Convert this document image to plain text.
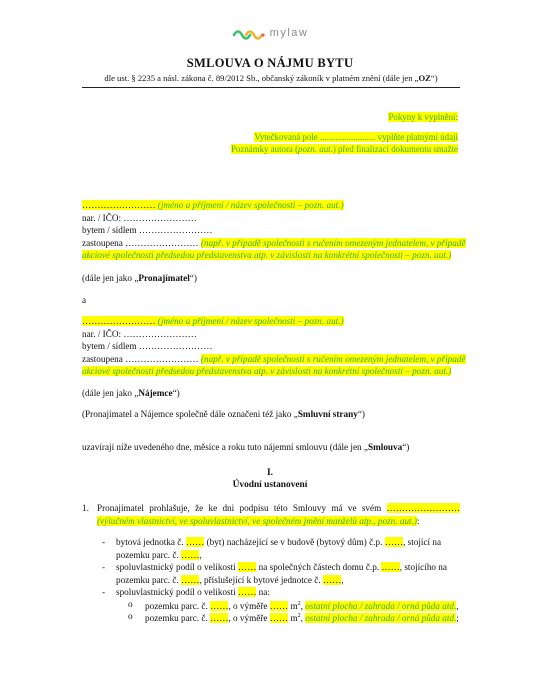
mylaw
SMLOUVA O NÁJMU BYTU
dle ust. § 2235 a násl. zákona č. 89/2012 Sb., občanský zákoník v platném znění (dále jen „OZ“)
Pokyny k vyplnění:
Vytečkovaná pole ......................... vyplňte platnými údaji
Poznámky autora (pozn. aut.) před finalizací dokumentu smažte
…………………… (jméno a příjmení / název společnosti – pozn. aut.)
nar. / IČO: ……………………
bytem / sídlem ……………………
zastoupena …………………… (např. v případě společnosti s ručením omezeným jednatelem, v případě
akciové společnosti předsedou představenstva atp. v závislosti na konkrétní společnosti – pozn. aut.)
(dále jen jako „Pronajímatel“)
a
…………………… (jméno a příjmení / název společnosti – pozn. aut.)
nar. / IČO: ……………………
bytem / sídlem ……………………
zastoupena …………………… (např. v případě společnosti s ručením omezeným jednatelem, v případě
akciové společnosti předsedou představenstva atp. v závislosti na konkrétní společnosti – pozn. aut.)
(dále jen jako „Nájemce“)
(Pronajímatel a Nájemce společně dále označeni též jako „Smluvní strany“)
uzavírají níže uvedeného dne, měsíce a roku tuto nájemní smlouvu (dále jen „Smlouva“)
I.
Úvodní ustanovení
1. Pronajímatel prohlašuje, že ke dni podpisu této Smlouvy má ve svém …………………… (výlučném vlastnictví, ve spoluvlastnictví, ve společném jmění manželů atp., pozn. aut.):
- bytová jednotka č. …… (byt) nacházející se v budově (bytový dům) č.p. ……, stojící na pozemku parc. č. ……,
- spoluvlastnický podíl o velikosti …… na společných částech domu č.p. ……, stojícího na pozemku parc. č. ……, příslušející k bytové jednotce č. ……,
- spoluvlastnický podíl o velikosti …… na:
o pozemku parc. č. ……, o výměře …… $m^2$, ostatní plocha / zahrada / orná půda atd.,
o pozemku parc. č. ……, o výměře …… $m^2$, ostatní plocha / zahrada / orná půda atd.;
